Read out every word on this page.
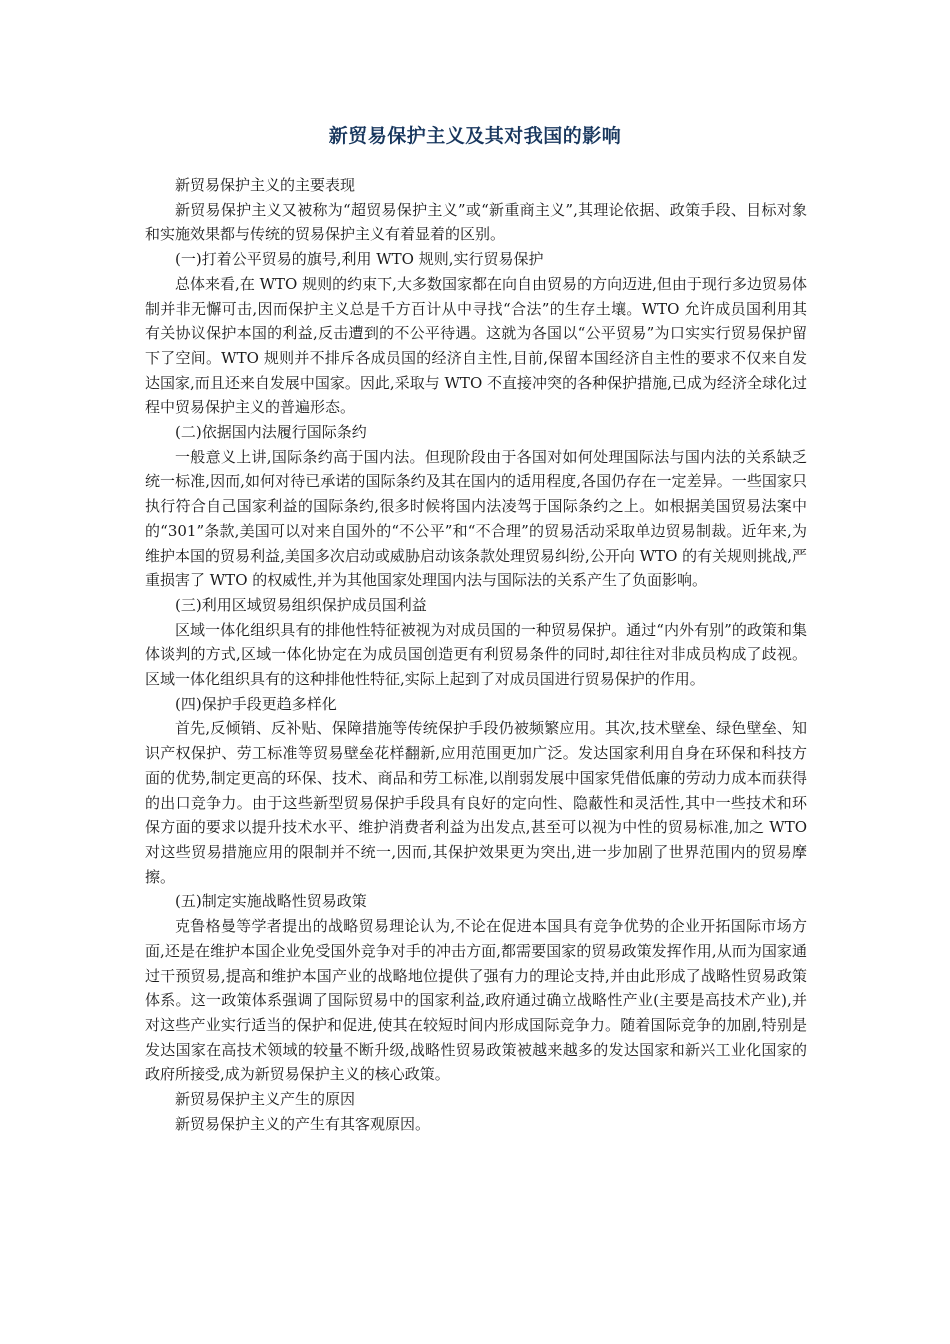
新贸易保护主义及其对我国的影响

新贸易保护主义的主要表现

新贸易保护主义又被称为“超贸易保护主义”或“新重商主义”,其理论依据、政策手段、目标对象和实施效果都与传统的贸易保护主义有着显着的区别。

(一)打着公平贸易的旗号,利用 WTO 规则,实行贸易保护

总体来看,在 WTO 规则的约束下,大多数国家都在向自由贸易的方向迈进,但由于现行多边贸易体制并非无懈可击,因而保护主义总是千方百计从中寻找“合法”的生存土壤。WTO 允许成员国利用其有关协议保护本国的利益,反击遭到的不公平待遇。这就为各国以“公平贸易”为口实实行贸易保护留下了空间。WTO 规则并不排斥各成员国的经济自主性,目前,保留本国经济自主性的要求不仅来自发达国家,而且还来自发展中国家。因此,采取与 WTO 不直接冲突的各种保护措施,已成为经济全球化过程中贸易保护主义的普遍形态。

(二)依据国内法履行国际条约

一般意义上讲,国际条约高于国内法。但现阶段由于各国对如何处理国际法与国内法的关系缺乏统一标准,因而,如何对待已承诺的国际条约及其在国内的适用程度,各国仍存在一定差异。一些国家只执行符合自己国家利益的国际条约,很多时候将国内法凌驾于国际条约之上。如根据美国贸易法案中的“301”条款,美国可以对来自国外的“不公平”和“不合理”的贸易活动采取单边贸易制裁。近年来,为维护本国的贸易利益,美国多次启动或威胁启动该条款处理贸易纠纷,公开向 WTO 的有关规则挑战,严重损害了 WTO 的权威性,并为其他国家处理国内法与国际法的关系产生了负面影响。

(三)利用区域贸易组织保护成员国利益

区域一体化组织具有的排他性特征被视为对成员国的一种贸易保护。通过“内外有别”的政策和集体谈判的方式,区域一体化协定在为成员国创造更有利贸易条件的同时,却往往对非成员构成了歧视。区域一体化组织具有的这种排他性特征,实际上起到了对成员国进行贸易保护的作用。

(四)保护手段更趋多样化

首先,反倾销、反补贴、保障措施等传统保护手段仍被频繁应用。其次,技术壁垒、绿色壁垒、知识产权保护、劳工标准等贸易壁垒花样翻新,应用范围更加广泛。发达国家利用自身在环保和科技方面的优势,制定更高的环保、技术、商品和劳工标准,以削弱发展中国家凭借低廉的劳动力成本而获得的出口竞争力。由于这些新型贸易保护手段具有良好的定向性、隐蔽性和灵活性,其中一些技术和环保方面的要求以提升技术水平、维护消费者利益为出发点,甚至可以视为中性的贸易标准,加之 WTO 对这些贸易措施应用的限制并不统一,因而,其保护效果更为突出,进一步加剧了世界范围内的贸易摩擦。

(五)制定实施战略性贸易政策

克鲁格曼等学者提出的战略贸易理论认为,不论在促进本国具有竞争优势的企业开拓国际市场方面,还是在维护本国企业免受国外竞争对手的冲击方面,都需要国家的贸易政策发挥作用,从而为国家通过干预贸易,提高和维护本国产业的战略地位提供了强有力的理论支持,并由此形成了战略性贸易政策体系。这一政策体系强调了国际贸易中的国家利益,政府通过确立战略性产业(主要是高技术产业),并对这些产业实行适当的保护和促进,使其在较短时间内形成国际竞争力。随着国际竞争的加剧,特别是发达国家在高技术领域的较量不断升级,战略性贸易政策被越来越多的发达国家和新兴工业化国家的政府所接受,成为新贸易保护主义的核心政策。

新贸易保护主义产生的原因

新贸易保护主义的产生有其客观原因。
